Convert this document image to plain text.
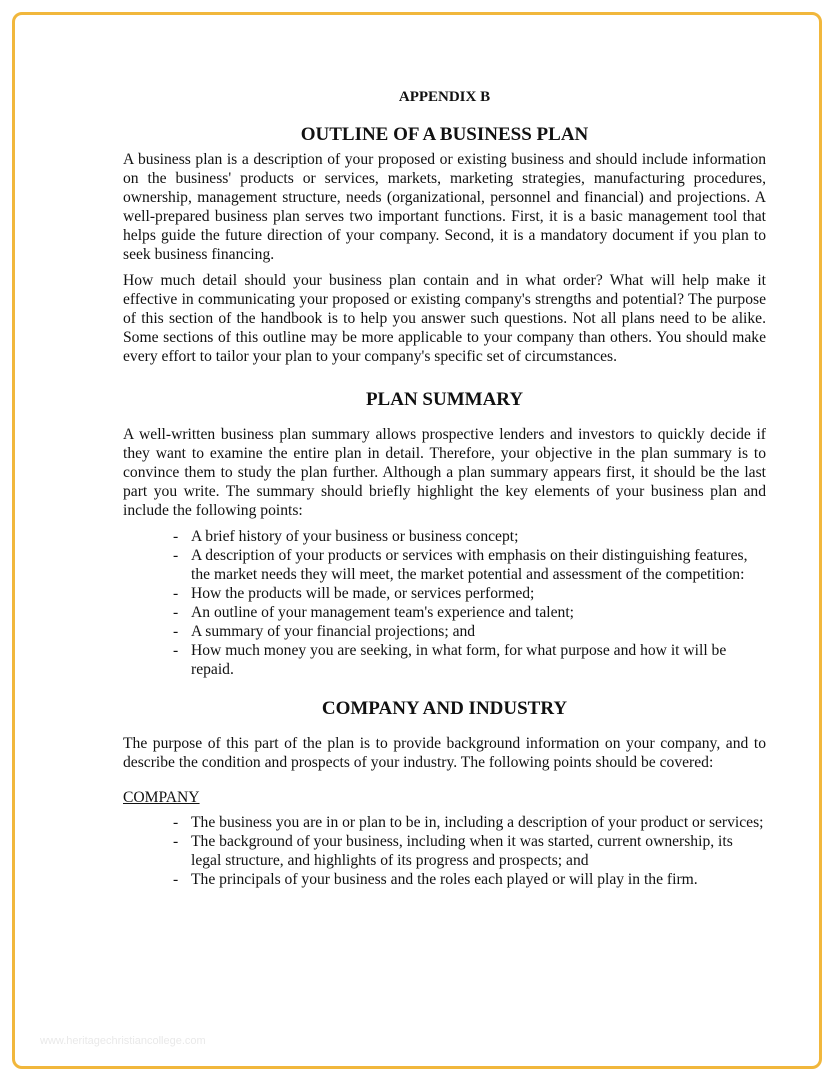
APPENDIX B
OUTLINE OF A BUSINESS PLAN

A business plan is a description of your proposed or existing business and should include information on the business' products or services, markets, marketing strategies, manufacturing procedures, ownership, management structure, needs (organizational, personnel and financial) and projections. A well-prepared business plan serves two important functions. First, it is a basic management tool that helps guide the future direction of your company. Second, it is a mandatory document if you plan to seek business financing.

How much detail should your business plan contain and in what order? What will help make it effective in communicating your proposed or existing company's strengths and potential? The purpose of this section of the handbook is to help you answer such questions. Not all plans need to be alike. Some sections of this outline may be more applicable to your company than others. You should make every effort to tailor your plan to your company's specific set of circumstances.

PLAN SUMMARY

A well-written business plan summary allows prospective lenders and investors to quickly decide if they want to examine the entire plan in detail. Therefore, your objective in the plan summary is to convince them to study the plan further. Although a plan summary appears first, it should be the last part you write. The summary should briefly highlight the key elements of your business plan and include the following points:

- A brief history of your business or business concept;
- A description of your products or services with emphasis on their distinguishing features, the market needs they will meet, the market potential and assessment of the competition:
- How the products will be made, or services performed;
- An outline of your management team's experience and talent;
- A summary of your financial projections; and
- How much money you are seeking, in what form, for what purpose and how it will be repaid.
COMPANY AND INDUSTRY

The purpose of this part of the plan is to provide background information on your company, and to describe the condition and prospects of your industry. The following points should be covered:

COMPANY
- The business you are in or plan to be in, including a description of your product or services;
- The background of your business, including when it was started, current ownership, its legal structure, and highlights of its progress and prospects; and
- The principals of your business and the roles each played or will play in the firm.
www.heritagechristiancollege.com
